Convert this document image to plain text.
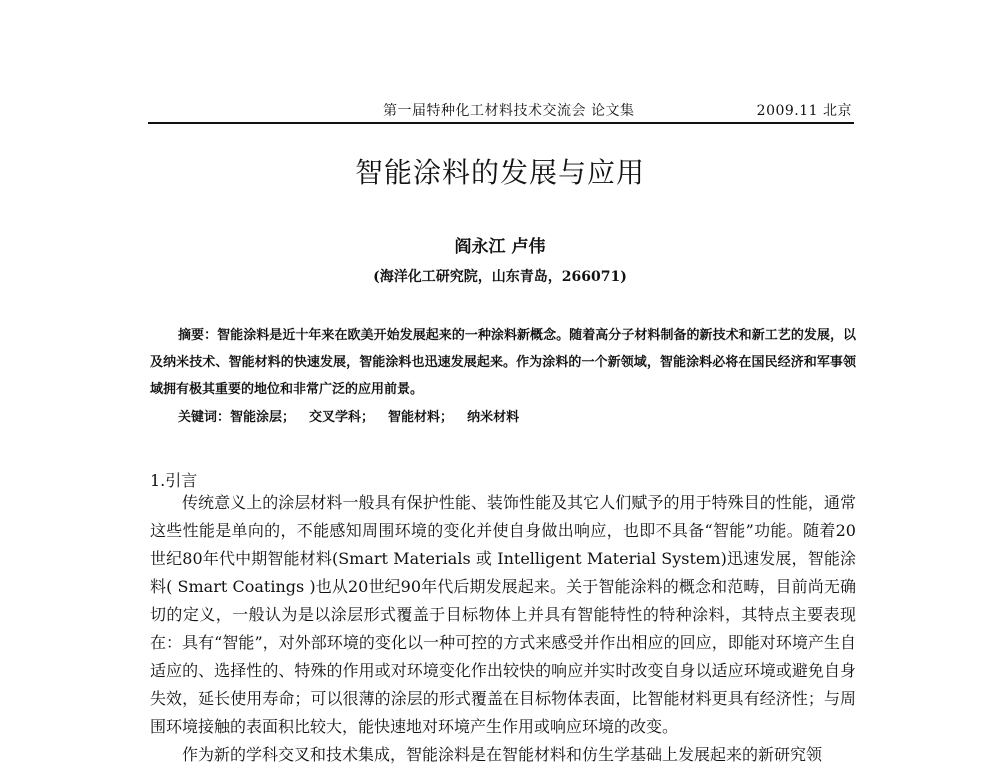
第一届特种化工材料技术交流会 论文集	2009.11 北京
智能涂料的发展与应用
阎永江 卢伟
(海洋化工研究院，山东青岛，266071)
摘要：智能涂料是近十年来在欧美开始发展起来的一种涂料新概念。随着高分子材料制备的新技术和新工艺的发展，以及纳米技术、智能材料的快速发展，智能涂料也迅速发展起来。作为涂料的一个新领域，智能涂料必将在国民经济和军事领域拥有极其重要的地位和非常广泛的应用前景。
关键词：智能涂层； 交叉学科； 智能材料； 纳米材料
1.引言

传统意义上的涂层材料一般具有保护性能、装饰性能及其它人们赋予的用于特殊目的性能，通常这些性能是单向的，不能感知周围环境的变化并使自身做出响应，也即不具备“智能”功能。随着20世纪80年代中期智能材料(Smart Materials 或 Intelligent Material System)迅速发展，智能涂料( Smart Coatings )也从20世纪90年代后期发展起来。关于智能涂料的概念和范畴，目前尚无确切的定义，一般认为是以涂层形式覆盖于目标物体上并具有智能特性的特种涂料，其特点主要表现在：具有“智能”，对外部环境的变化以一种可控的方式来感受并作出相应的回应，即能对环境产生自适应的、选择性的、特殊的作用或对环境变化作出较快的响应并实时改变自身以适应环境或避免自身失效，延长使用寿命；可以很薄的涂层的形式覆盖在目标物体表面，比智能材料更具有经济性；与周围环境接触的表面积比较大，能快速地对环境产生作用或响应环境的改变。

作为新的学科交叉和技术集成，智能涂料是在智能材料和仿生学基础上发展起来的新研究领
